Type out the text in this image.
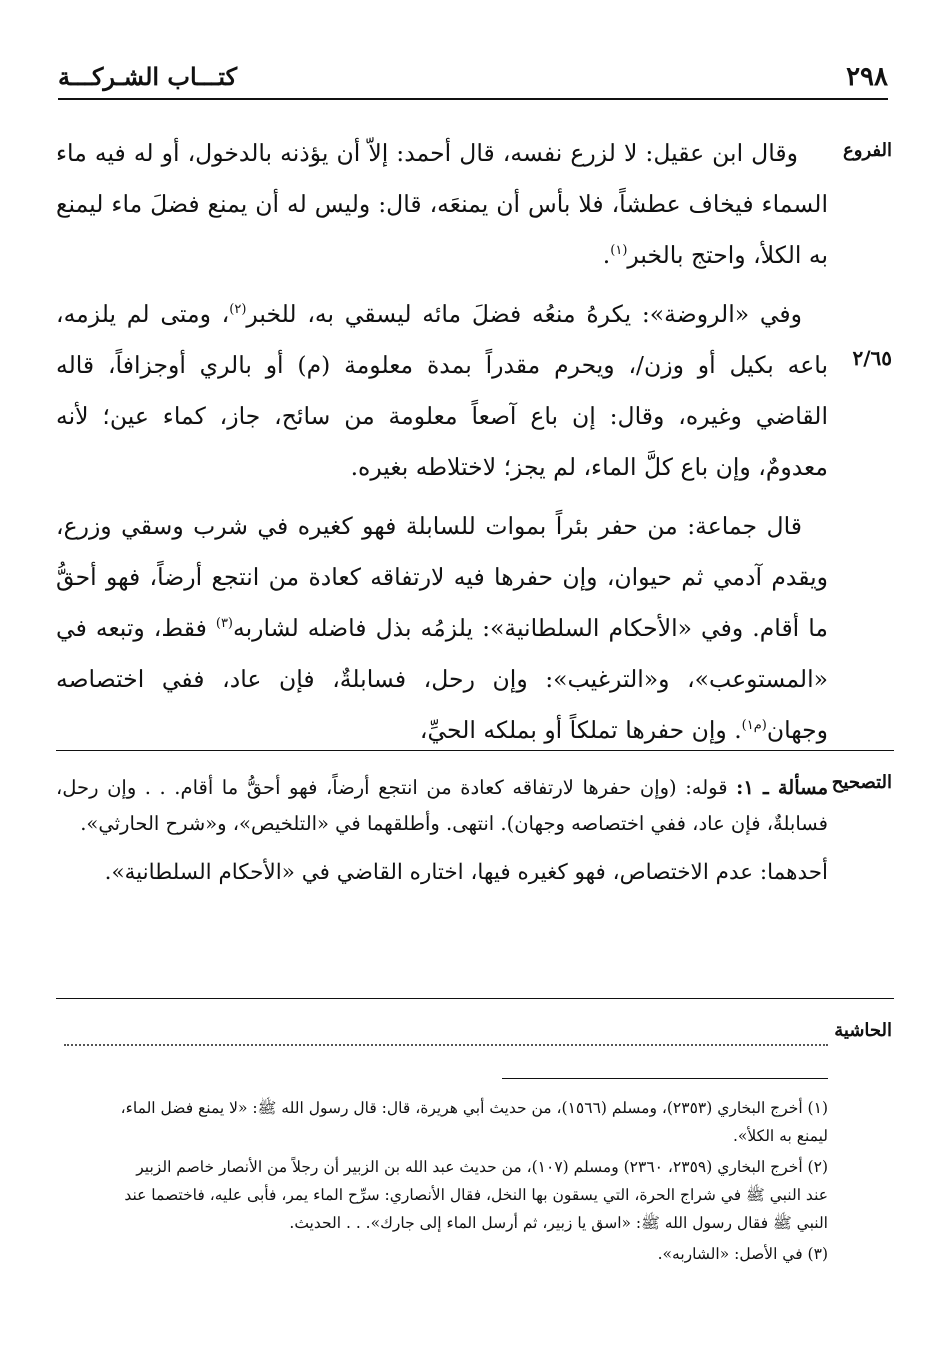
٢٩٨
كتـــاب الشـركـــة
الفروع
٢/٦٥

وقال ابن عقيل: لا لزرع نفسه، قال أحمد: إلاّ أن يؤذنه بالدخول، أو له فيه ماء السماء فيخاف عطشاً، فلا بأس أن يمنعَه، قال: وليس له أن يمنع فضلَ ماء ليمنع به الكلأ، واحتج بالخبر$^{(١)}$.

وفي «الروضة»: يكرهُ منعُه فضلَ مائه ليسقي به، للخبر$^{(٢)}$، ومتى لم يلزمه، باعه بكيل أو وزن/، ويحرم مقدراً بمدة معلومة (م) أو بالري أوجزافاً، قاله القاضي وغيره، وقال: إن باع آصعاً معلومة من سائح، جاز، كماء عين؛ لأنه معدومٌ، وإن باع كلَّ الماء، لم يجز؛ لاختلاطه بغيره.

قال جماعة: من حفر بئراً بموات للسابلة فهو كغيره في شرب وسقي وزرع، ويقدم آدمي ثم حيوان، وإن حفرها فيه لارتفاقه كعادة من انتجع أرضاً، فهو أحقُّ ما أقام. وفي «الأحكام السلطانية»: يلزمُه بذل فاضله لشاربه$^{(٣)}$ فقط، وتبعه في «المستوعب»، و«الترغيب»: وإن رحل، فسابلةٌ، فإن عاد، ففي اختصاصه وجهان$^{(م١)}$. وإن حفرها تملكاً أو بملكه الحيِّ،

التصحيح

مسألة ـ ١: قوله: (وإن حفرها لارتفاقه كعادة من انتجع أرضاً، فهو أحقُّ ما أقام. . . وإن رحل، فسابلةٌ، فإن عاد، ففي اختصاصه وجهان). انتهى. وأطلقهما في «التلخيص»، و«شرح الحارثي».

أحدهما: عدم الاختصاص، فهو كغيره فيها، اختاره القاضي في «الأحكام السلطانية».

الحاشية
(١) أخرج البخاري (٢٣٥٣)، ومسلم (١٥٦٦)، من حديث أبي هريرة، قال: قال رسول الله ﷺ: «لا يمنع فضل الماء،
ليمنع به الكلأ».
(٢) أخرج البخاري (٢٣٥٩، ٢٣٦٠) ومسلم (١٠٧)، من حديث عبد الله بن الزبير أن رجلاً من الأنصار خاصم الزبير
عند النبي ﷺ في شراج الحرة، التي يسقون بها النخل، فقال الأنصاري: سرِّح الماء يمر، فأبى عليه، فاختصما عند
النبي ﷺ فقال رسول الله ﷺ: «اسق يا زبير، ثم أرسل الماء إلى جارك». . . الحديث.
(٣) في الأصل: «الشاربه».
